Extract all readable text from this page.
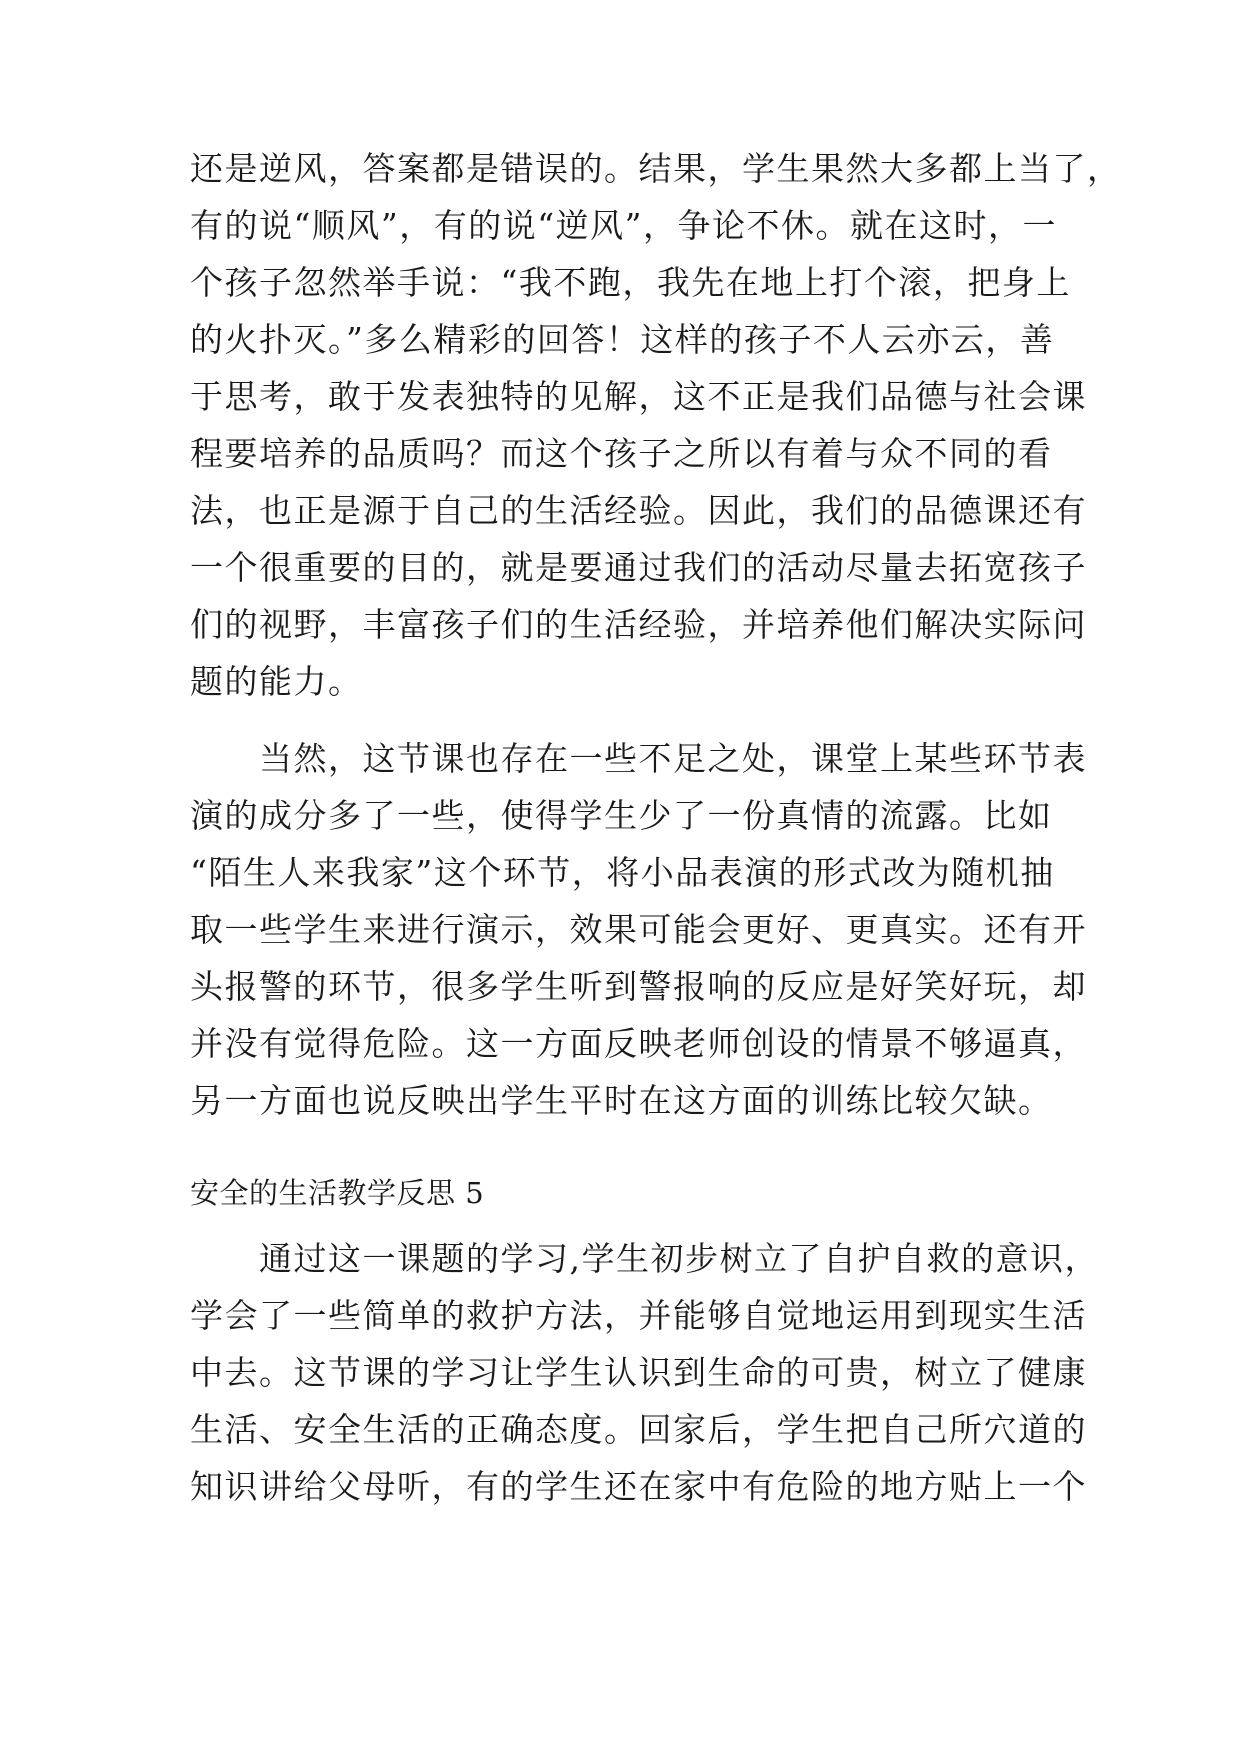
还是逆风，答案都是错误的。结果，学生果然大多都上当了，
有的说“顺风”，有的说“逆风”，争论不休。就在这时，一
个孩子忽然举手说：“我不跑，我先在地上打个滚，把身上
的火扑灭。”多么精彩的回答！这样的孩子不人云亦云，善
于思考，敢于发表独特的见解，这不正是我们品德与社会课
程要培养的品质吗？而这个孩子之所以有着与众不同的看
法，也正是源于自己的生活经验。因此，我们的品德课还有
一个很重要的目的，就是要通过我们的活动尽量去拓宽孩子
们的视野，丰富孩子们的生活经验，并培养他们解决实际问
题的能力。
　　当然，这节课也存在一些不足之处，课堂上某些环节表
演的成分多了一些，使得学生少了一份真情的流露。比如
“陌生人来我家”这个环节，将小品表演的形式改为随机抽
取一些学生来进行演示，效果可能会更好、更真实。还有开
头报警的环节，很多学生听到警报响的反应是好笑好玩，却
并没有觉得危险。这一方面反映老师创设的情景不够逼真，
另一方面也说反映出学生平时在这方面的训练比较欠缺。
安全的生活教学反思 5
　　通过这一课题的学习,学生初步树立了自护自救的意识，
学会了一些简单的救护方法，并能够自觉地运用到现实生活
中去。这节课的学习让学生认识到生命的可贵，树立了健康
生活、安全生活的正确态度。回家后，学生把自己所穴道的
知识讲给父母听，有的学生还在家中有危险的地方贴上一个
